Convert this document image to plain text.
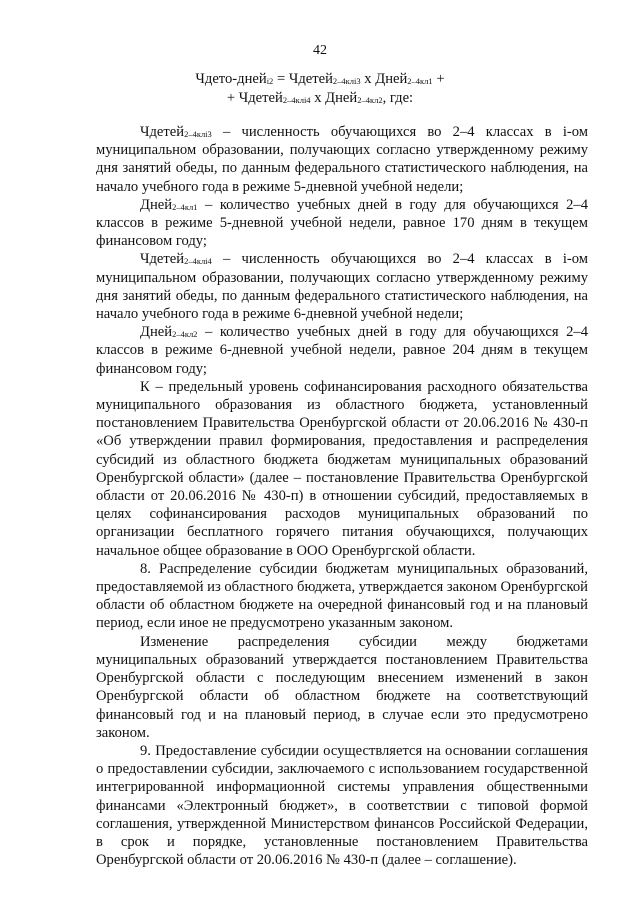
42
Чдето-дней$_{i2}$ = Чдетей$_{2-4клi3}$ х Дней$_{2-4кл1}$ +
+ Чдетей$_{2-4клi4}$ х Дней$_{2-4кл2}$, где:

Чдетей$_{2-4клi3}$ – численность обучающихся во 2–4 классах в i-ом муниципальном образовании, получающих согласно утвержденному режиму дня занятий обеды, по данным федерального статистического наблюдения, на начало учебного года в режиме 5-дневной учебной недели;

Дней$_{2-4кл1}$ – количество учебных дней в году для обучающихся 2–4 классов в режиме 5-дневной учебной недели, равное 170 дням в текущем финансовом году;

Чдетей$_{2-4клi4}$ – численность обучающихся во 2–4 классах в i-ом муниципальном образовании, получающих согласно утвержденному режиму дня занятий обеды, по данным федерального статистического наблюдения, на начало учебного года в режиме 6-дневной учебной недели;

Дней$_{2-4кл2}$ – количество учебных дней в году для обучающихся 2–4 классов в режиме 6-дневной учебной недели, равное 204 дням в текущем финансовом году;

К – предельный уровень софинансирования расходного обязательства муниципального образования из областного бюджета, установленный постановлением Правительства Оренбургской области от 20.06.2016 № 430-п «Об утверждении правил формирования, предоставления и распределения субсидий из областного бюджета бюджетам муниципальных образований Оренбургской области» (далее – постановление Правительства Оренбургской области от 20.06.2016 № 430-п) в отношении субсидий, предоставляемых в целях софинансирования расходов муниципальных образований по организации бесплатного горячего питания обучающихся, получающих начальное общее образование в ООО Оренбургской области.

8. Распределение субсидии бюджетам муниципальных образований, предоставляемой из областного бюджета, утверждается законом Оренбургской области об областном бюджете на очередной финансовый год и на плановый период, если иное не предусмотрено указанным законом.

Изменение распределения субсидии между бюджетами муниципальных образований утверждается постановлением Правительства Оренбургской области с последующим внесением изменений в закон Оренбургской области об областном бюджете на соответствующий финансовый год и на плановый период, в случае если это предусмотрено законом.

9. Предоставление субсидии осуществляется на основании соглашения о предоставлении субсидии, заключаемого с использованием государственной интегрированной информационной системы управления общественными финансами «Электронный бюджет», в соответствии с типовой формой соглашения, утвержденной Министерством финансов Российской Федерации, в срок и порядке, установленные постановлением Правительства Оренбургской области от 20.06.2016 № 430-п (далее – соглашение).
